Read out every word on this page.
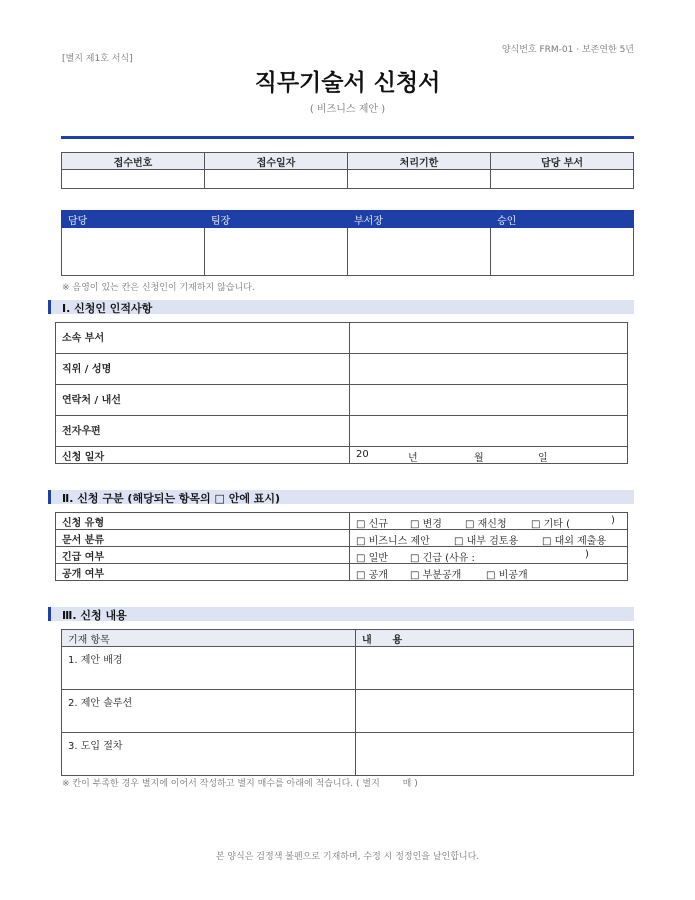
[별지 제1호 서식]
양식번호 FRM-01 · 보존연한 5년
직무기술서 신청서
( 비즈니스 제안 )
접수번호	접수일자	처리기한	담당 부서

담당	팀장	부서장	승인

※ 음영이 있는 칸은 신청인이 기재하지 않습니다.
Ⅰ. 신청인 인적사항
소속 부서	
직위 / 성명	
연락처 / 내선	
전자우편	
신청 일자	20 년 월 일
Ⅱ. 신청 구분 (해당되는 항목의 □ 안에 표시)
신청 유형	□ 신규 □ 변경 □ 재신청 □ 기타 ( )

문서 분류	□ 비즈니스 제안 □ 내부 검토용 □ 대외 제출용

긴급 여부	□ 일반 □ 긴급 (사유 : )

공개 여부	□ 공개 □ 부분공개 □ 비공개
Ⅲ. 신청 내용
기재 항목	내      용
1. 제안 배경	
2. 제안 솔루션	
3. 도입 절차	
※ 칸이 부족한 경우 별지에 이어서 작성하고 별지 매수를 아래에 적습니다. ( 별지        매 )
본 양식은 검정색 볼펜으로 기재하며, 수정 시 정정인을 날인합니다.
